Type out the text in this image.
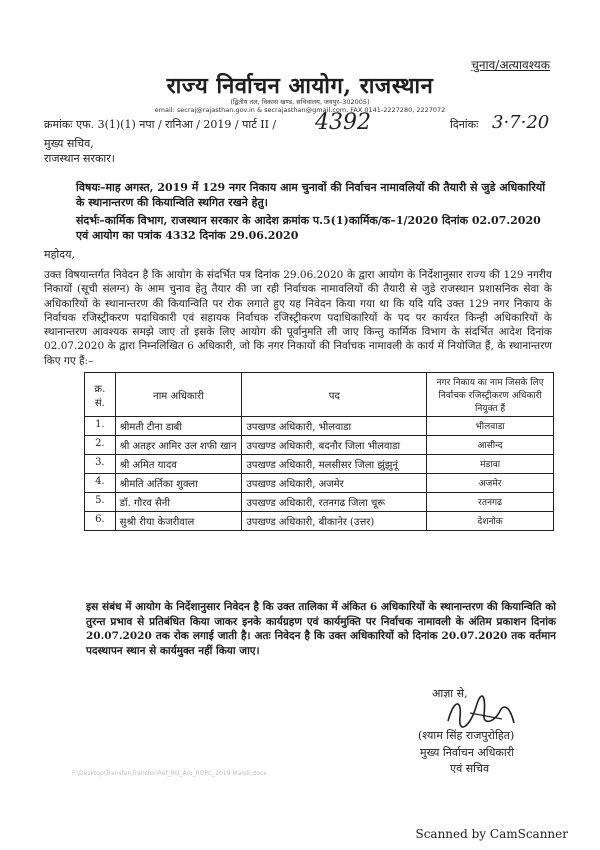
चुनाव/अत्यावश्यक
राज्य निर्वाचन आयोग, राजस्थान
(द्वितीय तल, विकास खण्ड, सचिवालय, जयपुर–302005)
email: secraj@rajasthan.gov.in & secrajasthan@gmail.com, FAX 0141-2227280, 2227072
क्रमांकः एफ. 3(1)(1) नपा / रानिआ / 2019 / पार्ट II / 4392	दिनांकः 3·7·20
मुख्य सचिव,
राजस्थान सरकार।
विषयः–माह अगस्त, 2019 में 129 नगर निकाय आम चुनावों की निर्वाचन नामावलियों की तैयारी से जुडे अधिकारियों के स्थानान्तरण की कियान्विति स्थगित रखने हेतु।
संदर्भः–कार्मिक विभाग, राजस्थान सरकार के आदेश क्रमांक प.5(1)कार्मिक/क–1/2020 दिनांक 02.07.2020 एवं आयोग का पत्रांक 4332 दिनांक 29.06.2020
महोदय,
उक्त विषयान्तर्गत निवेदन है कि आयोग के संदर्भित पत्र दिनांक 29.06.2020 के द्वारा आयोग के निर्देशानुसार राज्य की 129 नगरीय निकायों (सूची संलग्न) के आम चुनाव हेतु तैयार की जा रही निर्वाचक नामावलियों की तैयारी से जुडे राजस्थान प्रशासनिक सेवा के अधिकारियों के स्थानान्तरण की कियान्विति पर रोक लगाते हुए यह निवेदन किया गया था कि यदि यदि उक्त 129 नगर निकाय के निर्वाचक रजिस्ट्रीकरण पदाधिकारी एवं सहायक निर्वाचक रजिस्ट्रीकरण पदाधिकारियों के पद पर कार्यरत किन्ही अधिकारियों के स्थानान्तरण आवश्यक समझे जाए तो इसके लिए आयोग की पूर्वानुमति ली जाए किन्तु कार्मिक विभाग के संदर्भित आदेश दिनांक 02.07.2020 के द्वारा निम्नलिखित 6 अधिकारी, जो कि नगर निकायों की निर्वाचक नामावली के कार्य में नियोजित हैं, के स्थानान्तरण किए गए हैं:–
क्र. सं.	नाम अधिकारी	पद	नगर निकाय का नाम जिसके लिए निर्वाचक रजिस्ट्रीकरण अधिकारी नियुक्त हैं
1.	श्रीमती टीना डाबी	उपखण्ड अधिकारी, भीलवाडा	भीलवाडा
2.	श्री अतहर आमिर उल शफी खान	उपखण्ड अधिकारी, बदनौर जिला भीलवाडा	आसीन्द
3.	श्री अमित यादव	उपखण्ड अधिकारी, मलसीसर जिला झुंझुनूं	मंडावा
4.	श्रीमति अर्तिका शुक्ला	उपखण्ड अधिकारी, अजमेर	अजमेर
5.	डॉ. गौरव सैनी	उपखण्ड अधिकारी, रतनगढ जिला चूरू	रतनगढ
6.	सुश्री रीया केजरीवाल	उपखण्ड अधिकारी, बीकानेर (उत्तर)	देशनोक
इस संबंध में आयोग के निर्देशानुसार निवेदन है कि उक्त तालिका में अंकित 6 अधिकारियों के स्थानान्तरण की कियान्विति को तुरन्त प्रभाव से प्रतिबंधित किया जाकर इनके कार्यग्रहण एवं कार्यमुक्ति पर निर्वाचक नामावली के अंतिम प्रकाशन दिनांक 20.07.2020 तक रोक लगाई जाती है। अतः निवेदन है कि उक्त अधिकारियों को दिनांक 20.07.2020 तक वर्तमान पदस्थापन स्थान से कार्यमुक्त नहीं किया जाए।
आज्ञा से,
(श्याम सिंह राजपुरोहित)
मुख्य निर्वाचन अधिकारी
एवं सचिव
F:\Desktop\Transfer\Transfer-Ref_RO_Aro_RGPC_2019 Mandi.docx
Scanned by CamScanner
